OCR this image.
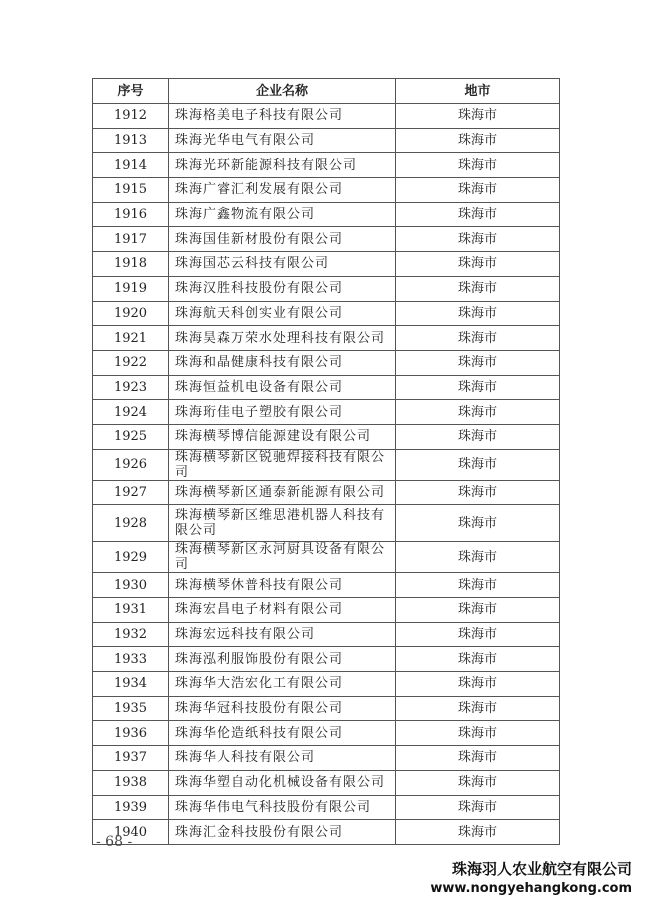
序号	企业名称	地市
1912	珠海格美电子科技有限公司	珠海市
1913	珠海光华电气有限公司	珠海市
1914	珠海光环新能源科技有限公司	珠海市
1915	珠海广睿汇利发展有限公司	珠海市
1916	珠海广鑫物流有限公司	珠海市
1917	珠海国佳新材股份有限公司	珠海市
1918	珠海国芯云科技有限公司	珠海市
1919	珠海汉胜科技股份有限公司	珠海市
1920	珠海航天科创实业有限公司	珠海市
1921	珠海昊森万荣水处理科技有限公司	珠海市
1922	珠海和晶健康科技有限公司	珠海市
1923	珠海恒益机电设备有限公司	珠海市
1924	珠海珩佳电子塑胶有限公司	珠海市
1925	珠海横琴博信能源建设有限公司	珠海市
1926	珠海横琴新区锐驰焊接科技有限公司	珠海市
1927	珠海横琴新区通泰新能源有限公司	珠海市
1928	珠海横琴新区维思港机器人科技有限公司	珠海市
1929	珠海横琴新区永河厨具设备有限公司	珠海市
1930	珠海横琴休普科技有限公司	珠海市
1931	珠海宏昌电子材料有限公司	珠海市
1932	珠海宏远科技有限公司	珠海市
1933	珠海泓利服饰股份有限公司	珠海市
1934	珠海华大浩宏化工有限公司	珠海市
1935	珠海华冠科技股份有限公司	珠海市
1936	珠海华伦造纸科技有限公司	珠海市
1937	珠海华人科技有限公司	珠海市
1938	珠海华塑自动化机械设备有限公司	珠海市
1939	珠海华伟电气科技股份有限公司	珠海市
1940	珠海汇金科技股份有限公司	珠海市
- 68 -
珠海羽人农业航空有限公司
www.nongyehangkong.com
